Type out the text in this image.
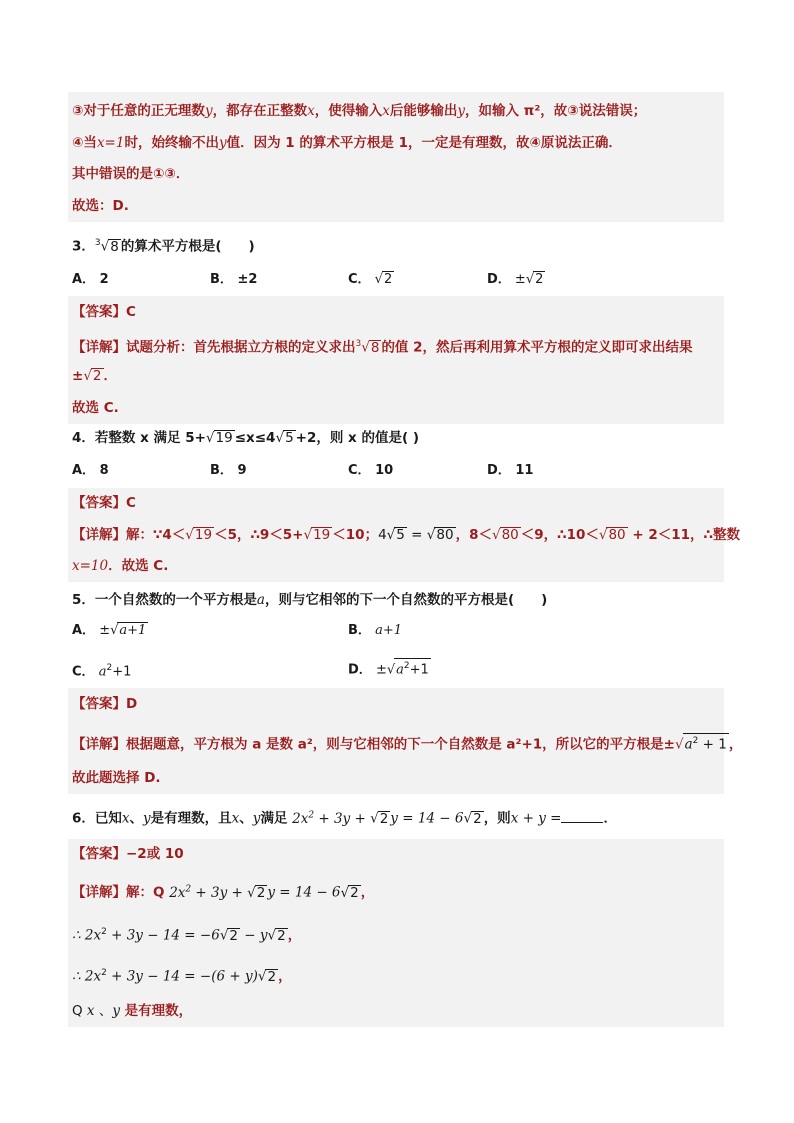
③对于任意的正无理数y，都存在正整数x，使得输入x后能够输出y，如输入 π²，故③说法错误；
④当x=1时，始终输不出y值．因为 1 的算术平方根是 1，一定是有理数，故④原说法正确．
其中错误的是①③．
故选：D.
3．$^3$√8 的算术平方根是(　　)
A． 2	B． ±2	C． √2	D． ±√2
【答案】C
【详解】试题分析：首先根据立方根的定义求出$^3$√8 的值 2，然后再利用算术平方根的定义即可求出结果
±√2 ．
故选 C.
4．若整数 x 满足 5+√19 ≤x≤4√5 +2，则 x 的值是( )
A． 8	B． 9	C． 10	D． 11
【答案】C
【详解】解：∵4＜√19 ＜5，∴9＜5+√19 ＜10；4√5 = √80 ，8＜√80 ＜9，∴10＜√80 + 2＜11，∴整数
x=10．故选 C.
5．一个自然数的一个平方根是a，则与它相邻的下一个自然数的平方根是(　　)
A． ±√a+1	B． a+1
C． $a^2+1$	D． $\pm√a^2+1$
【答案】D
【详解】根据题意，平方根为 a 是数 a²，则与它相邻的下一个自然数是 a²+1，所以它的平方根是$\pm√a^2 + 1$ ，
故此题选择 D.
6．已知x、y是有理数，且x、y满足 $2x^2 + 3y + √2$ y = 14 − 6√2 ，则x + y =	．
【答案】−2或 10
【详解】解：Q $2x^2 + 3y + √2$ y = 14 − 6√2 ，
∴ $2x^2 + 3y - 14 = -6√2 - y√2$ ，
∴ $2x^2 + 3y - 14 = -(6 + y)√2$ ，
Q x 、y 是有理数，
